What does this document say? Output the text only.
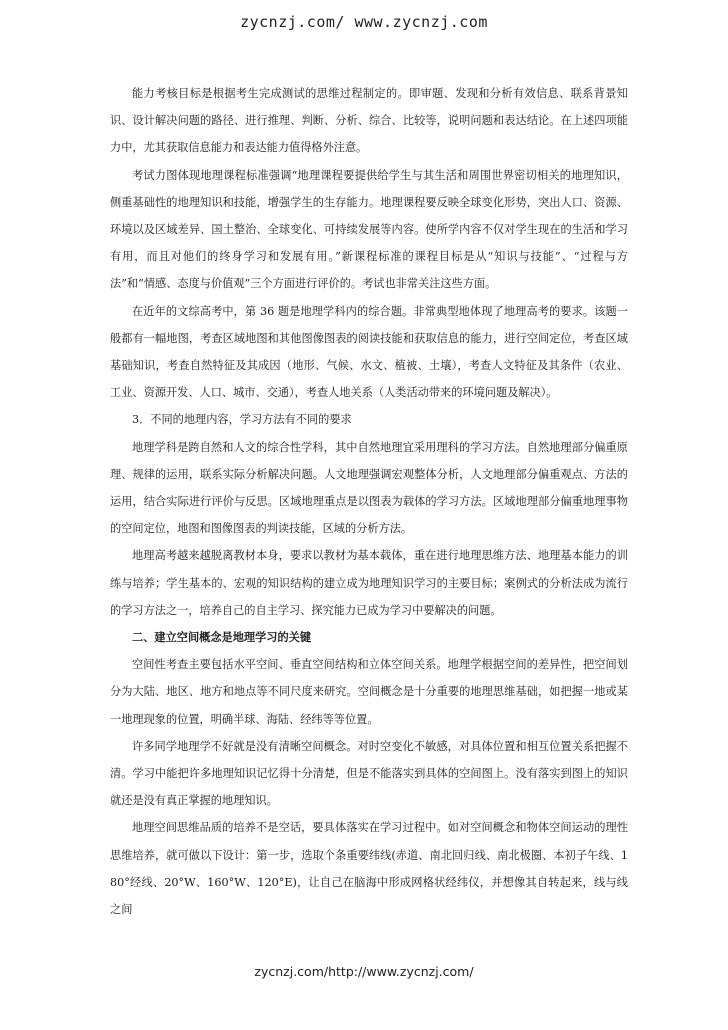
zycnzj.com/ www.zycnzj.com

能力考核目标是根据考生完成测试的思维过程制定的。即审题、发现和分析有效信息、联系背景知识、设计解决问题的路径、进行推理、判断、分析、综合、比较等，说明问题和表达结论。在上述四项能力中，尤其获取信息能力和表达能力值得格外注意。

考试力图体现地理课程标准强调“地理课程要提供给学生与其生活和周围世界密切相关的地理知识，侧重基础性的地理知识和技能，增强学生的生存能力。地理课程要反映全球变化形势，突出人口、资源、环境以及区域差异、国土整治、全球变化、可持续发展等内容。使所学内容不仅对学生现在的生活和学习有用，而且对他们的终身学习和发展有用。”新课程标准的课程目标是从“知识与技能”、“过程与方法”和“情感、态度与价值观”三个方面进行评价的。考试也非常关注这些方面。

在近年的文综高考中，第 36 题是地理学科内的综合题。非常典型地体现了地理高考的要求。该题一般都有一幅地图，考查区域地图和其他图像图表的阅读技能和获取信息的能力，进行空间定位，考查区域基础知识，考查自然特征及其成因（地形、气候、水文、植被、土壤），考查人文特征及其条件（农业、工业、资源开发、人口、城市、交通），考查人地关系（人类活动带来的环境问题及解决）。

3．不同的地理内容，学习方法有不同的要求

地理学科是跨自然和人文的综合性学科，其中自然地理宜采用理科的学习方法。自然地理部分偏重原理、规律的运用，联系实际分析解决问题。人文地理强调宏观整体分析，人文地理部分偏重观点、方法的运用，结合实际进行评价与反思。区域地理重点是以图表为载体的学习方法。区域地理部分偏重地理事物的空间定位，地图和图像图表的判读技能，区域的分析方法。

地理高考越来越脱离教材本身，要求以教材为基本载体，重在进行地理思维方法、地理基本能力的训练与培养；学生基本的、宏观的知识结构的建立成为地理知识学习的主要目标；案例式的分析法成为流行的学习方法之一，培养自己的自主学习、探究能力已成为学习中要解决的问题。

二、建立空间概念是地理学习的关键

空间性考查主要包括水平空间、垂直空间结构和立体空间关系。地理学根据空间的差异性，把空间划分为大陆、地区、地方和地点等不同尺度来研究。空间概念是十分重要的地理思维基础，如把握一地或某一地理现象的位置，明确半球、海陆、经纬等等位置。

许多同学地理学不好就是没有清晰空间概念。对时空变化不敏感，对具体位置和相互位置关系把握不清。学习中能把许多地理知识记忆得十分清楚，但是不能落实到具体的空间图上。没有落实到图上的知识就还是没有真正掌握的地理知识。

地理空间思维品质的培养不是空话，要具体落实在学习过程中。如对空间概念和物体空间运动的理性思维培养，就可做以下设计：第一步，选取个条重要纬线(赤道、南北回归线、南北极圈、本初子午线、180°经线、20°W、160°W、120°E)，让自己在脑海中形成网格状经纬仪，并想像其自转起来，线与线之间

zycnzj.com/http://www.zycnzj.com/
